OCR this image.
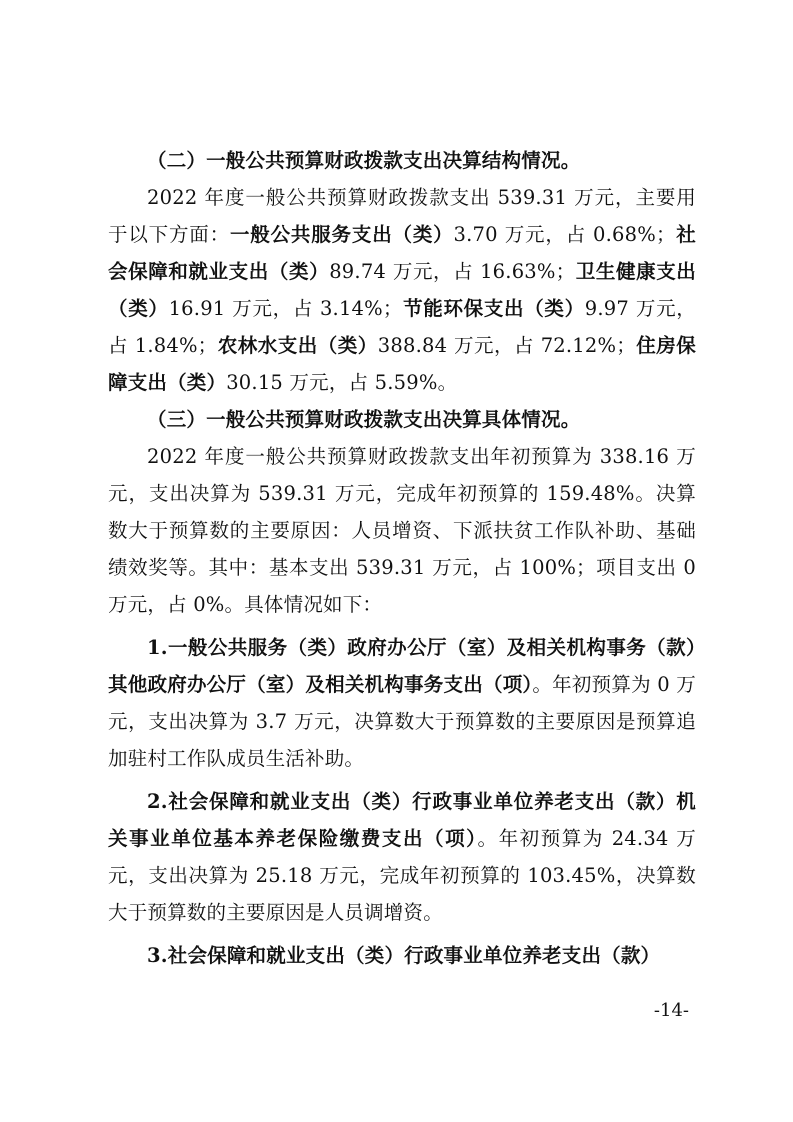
（二）一般公共预算财政拨款支出决算结构情况。

2022 年度一般公共预算财政拨款支出 539.31 万元，主要用于以下方面：一般公共服务支出（类）3.70 万元，占 0.68%；社会保障和就业支出（类）89.74 万元，占 16.63%；卫生健康支出（类）16.91 万元，占 3.14%；节能环保支出（类）9.97 万元，占 1.84%；农林水支出（类）388.84 万元，占 72.12%；住房保障支出（类）30.15 万元，占 5.59%。

（三）一般公共预算财政拨款支出决算具体情况。

2022 年度一般公共预算财政拨款支出年初预算为 338.16 万元，支出决算为 539.31 万元，完成年初预算的 159.48%。决算数大于预算数的主要原因：人员增资、下派扶贫工作队补助、基础绩效奖等。其中：基本支出 539.31 万元，占 100%；项目支出 0 万元，占 0%。具体情况如下：

1.一般公共服务（类）政府办公厅（室）及相关机构事务（款）其他政府办公厅（室）及相关机构事务支出（项）。年初预算为 0 万元，支出决算为 3.7 万元，决算数大于预算数的主要原因是预算追加驻村工作队成员生活补助。

2.社会保障和就业支出（类）行政事业单位养老支出（款）机关事业单位基本养老保险缴费支出（项）。年初预算为 24.34 万元，支出决算为 25.18 万元，完成年初预算的 103.45%，决算数大于预算数的主要原因是人员调增资。

3.社会保障和就业支出（类）行政事业单位养老支出（款）

-14-
